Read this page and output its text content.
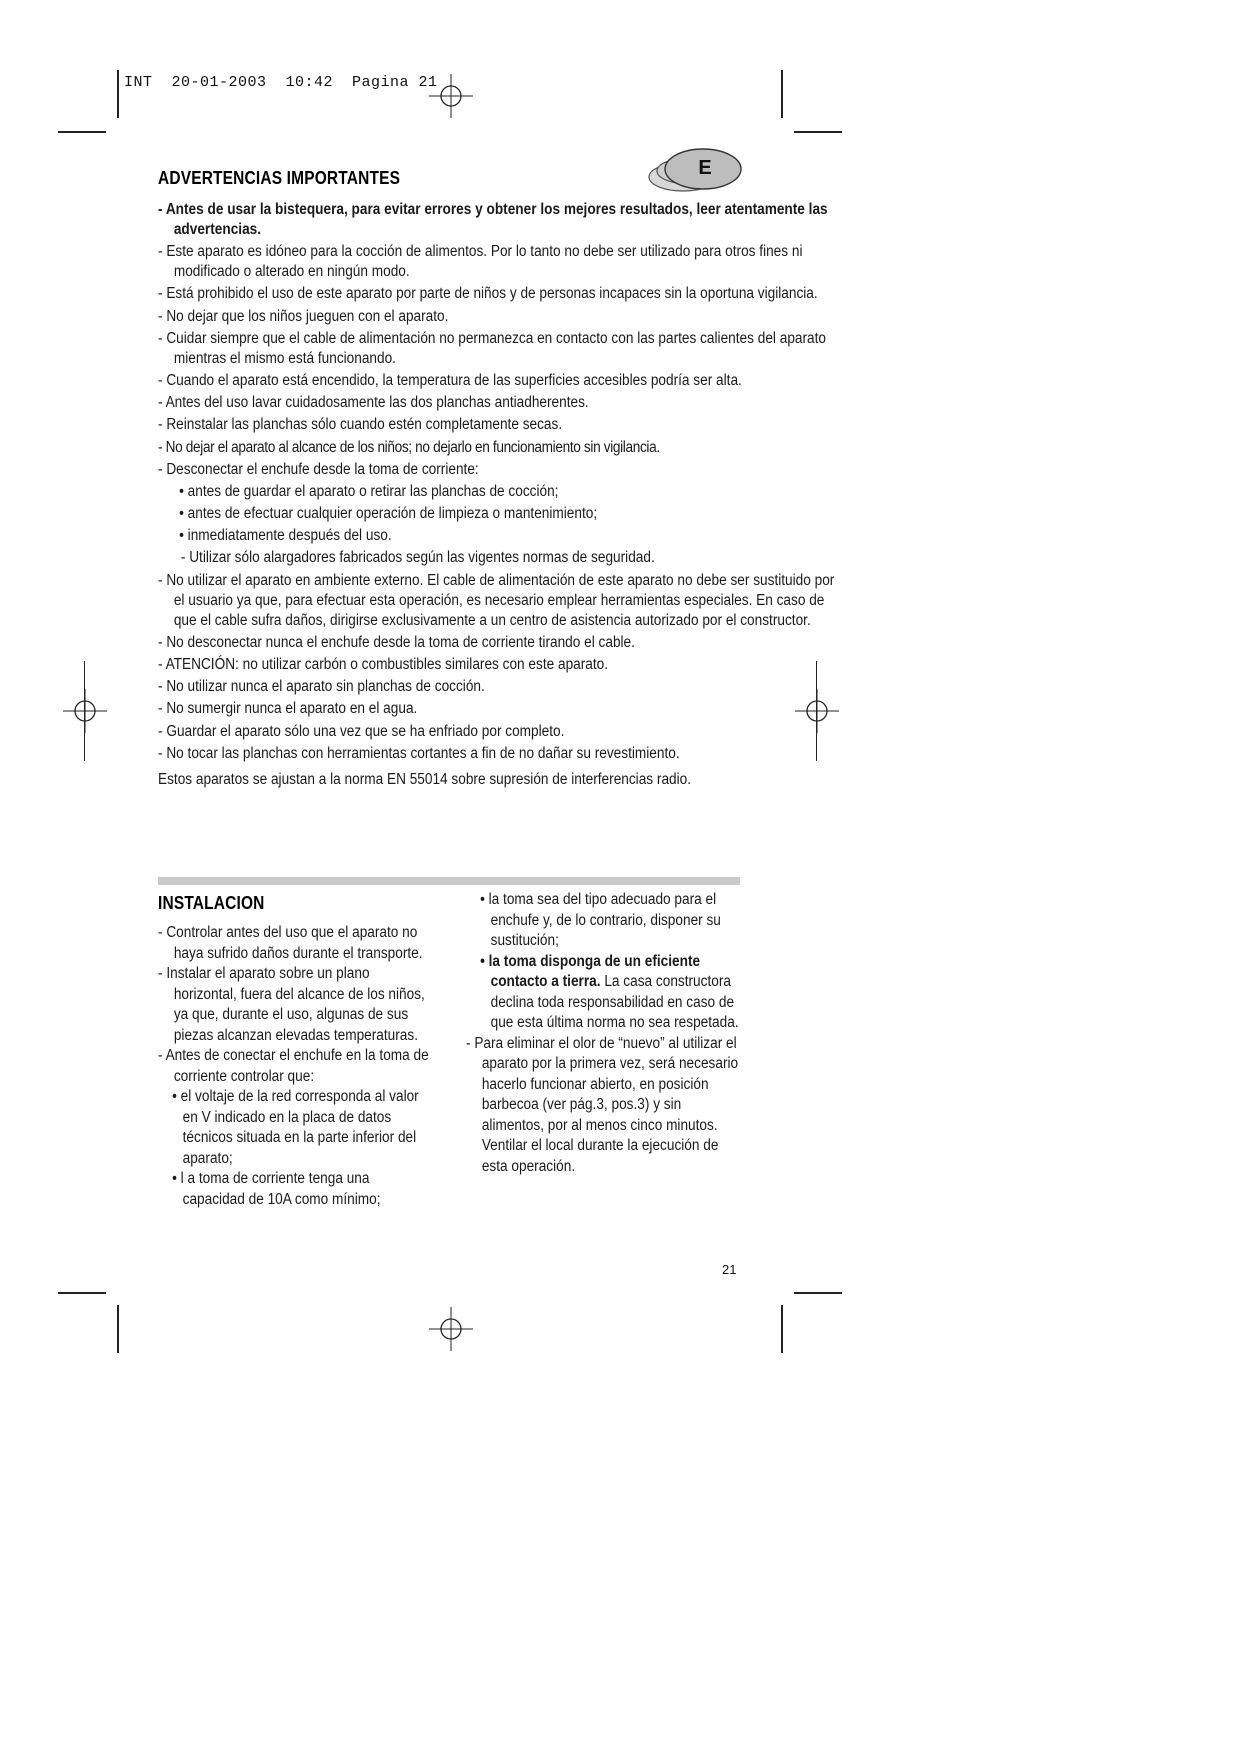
INT  20-01-2003  10:42  Pagina 21
E
ADVERTENCIAS IMPORTANTES

- Antes de usar la bistequera, para evitar errores y obtener los mejores resultados, leer atentamente las advertencias.

- Este aparato es idóneo para la cocción de alimentos. Por lo tanto no debe ser utilizado para otros fines ni modificado o alterado en ningún modo.

- Está prohibido el uso de este aparato por parte de niños y de personas incapaces sin la oportuna vigilancia.

- No dejar que los niños jueguen con el aparato.

- Cuidar siempre que el cable de alimentación no permanezca en contacto con las partes calientes del aparato mientras el mismo está funcionando.

- Cuando el aparato está encendido, la temperatura de las superficies accesibles podría ser alta.

- Antes del uso lavar cuidadosamente las dos planchas antiadherentes.

- Reinstalar las planchas sólo cuando estén completamente secas.

- No dejar el aparato al alcance de los niños; no dejarlo en funcionamiento sin vigilancia.

- Desconectar el enchufe desde la toma de corriente:

• antes de guardar el aparato o retirar las planchas de cocción;

• antes de efectuar cualquier operación de limpieza o mantenimiento;

• inmediatamente después del uso.

- Utilizar sólo alargadores fabricados según las vigentes normas de seguridad.

- No utilizar el aparato en ambiente externo. El cable de alimentación de este aparato no debe ser sustituido por el usuario ya que, para efectuar esta operación, es necesario emplear herramientas especiales. En caso de que el cable sufra daños, dirigirse exclusivamente a un centro de asistencia autorizado por el constructor.

- No desconectar nunca el enchufe desde la toma de corriente tirando el cable.

- ATENCIÓN: no utilizar carbón o combustibles similares con este aparato.

- No utilizar nunca el aparato sin planchas de cocción.

- No sumergir nunca el aparato en el agua.

- Guardar el aparato sólo una vez que se ha enfriado por completo.

- No tocar las planchas con herramientas cortantes a fin de no dañar su revestimiento.

Estos aparatos se ajustan a la norma EN 55014 sobre supresión de interferencias radio.

INSTALACION

- Controlar antes del uso que el aparato no haya sufrido daños durante el transporte.

- Instalar el aparato sobre un plano horizontal, fuera del alcance de los niños, ya que, durante el uso, algunas de sus piezas alcanzan elevadas temperaturas.

- Antes de conectar el enchufe en la toma de corriente controlar que:

• el voltaje de la red corresponda al valor en V indicado en la placa de datos técnicos situada en la parte inferior del aparato;

• l a toma de corriente tenga una capacidad de 10A como mínimo;

• la toma sea del tipo adecuado para el enchufe y, de lo contrario, disponer su sustitución;

• la toma disponga de un eficiente contacto a tierra. La casa constructora declina toda responsabilidad en caso de que esta última norma no sea respetada.

- Para eliminar el olor de “nuevo” al utilizar el aparato por la primera vez, será necesario hacerlo funcionar abierto, en posición barbecoa (ver pág.3, pos.3) y sin alimentos, por al menos cinco minutos. Ventilar el local durante la ejecución de esta operación.

21
